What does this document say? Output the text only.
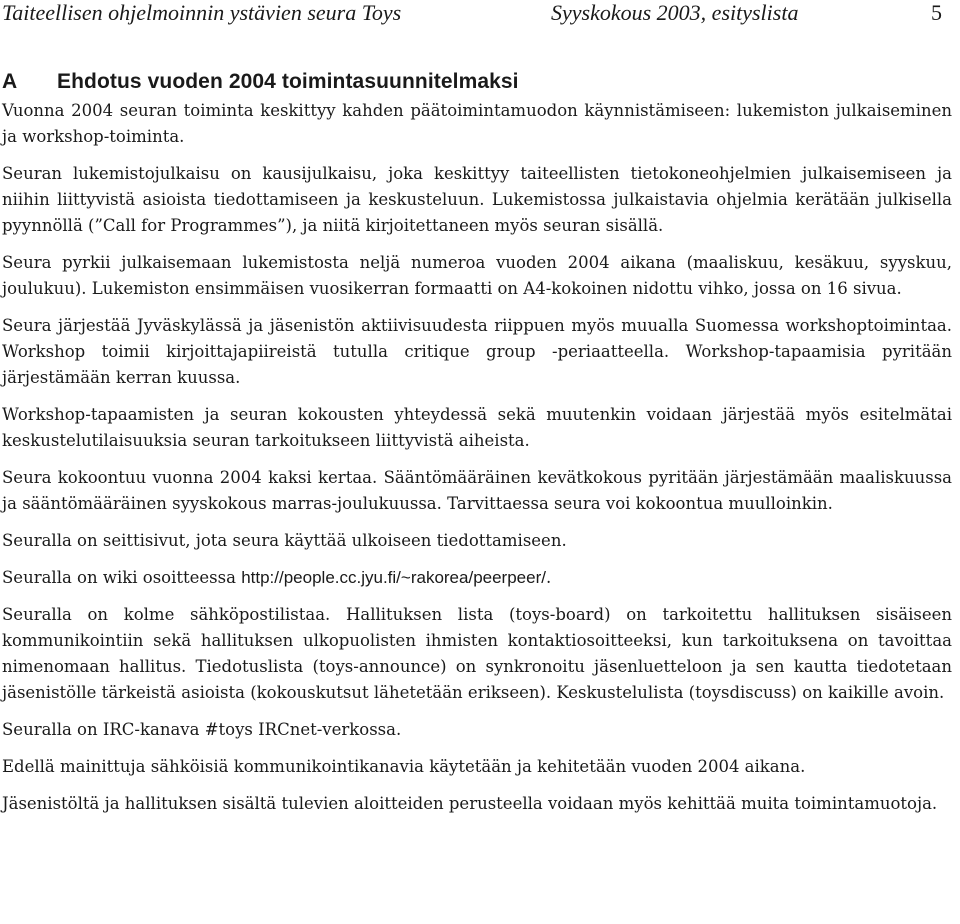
Taiteellisen ohjelmoinnin ystävien seura Toys	Syyskokous 2003, esityslista	5
A Ehdotus vuoden 2004 toimintasuunnitelmaksi

Vuonna 2004 seuran toiminta keskittyy kahden päätoimintamuodon käynnistämiseen: lukemiston julkaiseminen ja workshop-toiminta.

Seuran lukemistojulkaisu on kausijulkaisu, joka keskittyy taiteellisten tietokoneohjelmien julkaisemiseen ja niihin liittyvistä asioista tiedottamiseen ja keskusteluun. Lukemistossa julkaistavia ohjelmia kerätään julkisella pyynnöllä (”Call for Programmes”), ja niitä kirjoitettaneen myös seuran sisällä.

Seura pyrkii julkaisemaan lukemistosta neljä numeroa vuoden 2004 aikana (maaliskuu, kesäkuu, syyskuu, joulukuu). Lukemiston ensimmäisen vuosikerran formaatti on A4-kokoinen nidottu vihko, jossa on 16 sivua.

Seura järjestää Jyväskylässä ja jäsenistön aktiivisuudesta riippuen myös muualla Suomessa workshoptoimintaa. Workshop toimii kirjoittajapiireistä tutulla critique group -periaatteella. Workshop-tapaamisia pyritään järjestämään kerran kuussa.

Workshop-tapaamisten ja seuran kokousten yhteydessä sekä muutenkin voidaan järjestää myös esitelmätai keskustelutilaisuuksia seuran tarkoitukseen liittyvistä aiheista.

Seura kokoontuu vuonna 2004 kaksi kertaa. Sääntömääräinen kevätkokous pyritään järjestämään maaliskuussa ja sääntömääräinen syyskokous marras-joulukuussa. Tarvittaessa seura voi kokoontua muulloinkin.

Seuralla on seittisivut, jota seura käyttää ulkoiseen tiedottamiseen.

Seuralla on wiki osoitteessa http://people.cc.jyu.fi/~rakorea/peerpeer/.

Seuralla on kolme sähköpostilistaa. Hallituksen lista (toys-board) on tarkoitettu hallituksen sisäiseen kommunikointiin sekä hallituksen ulkopuolisten ihmisten kontaktiosoitteeksi, kun tarkoituksena on tavoittaa nimenomaan hallitus. Tiedotuslista (toys-announce) on synkronoitu jäsenluetteloon ja sen kautta tiedotetaan jäsenistölle tärkeistä asioista (kokouskutsut lähetetään erikseen). Keskustelulista (toysdiscuss) on kaikille avoin.

Seuralla on IRC-kanava #toys IRCnet-verkossa.

Edellä mainittuja sähköisiä kommunikointikanavia käytetään ja kehitetään vuoden 2004 aikana.

Jäsenistöltä ja hallituksen sisältä tulevien aloitteiden perusteella voidaan myös kehittää muita toimintamuotoja.
